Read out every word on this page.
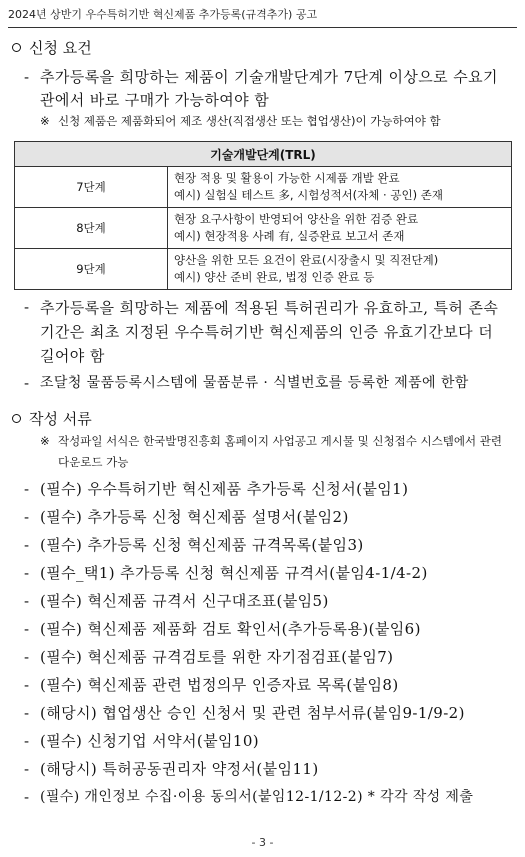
2024년 상반기 우수특허기반 혁신제품 추가등록(규격추가) 공고
신청 요건
- 추가등록을 희망하는 제품이 기술개발단계가 7단계 이상으로 수요기관에서 바로 구매가 가능하여야 함
※ 신청 제품은 제품화되어 제조 생산(직접생산 또는 협업생산)이 가능하여야 함
기술개발단계(TRL)	
7단계	현장 적용 및 활용이 가능한 시제품 개발 완료
예시) 실험실 테스트 多, 시험성적서(자체 · 공인) 존재

8단계	현장 요구사항이 반영되어 양산을 위한 검증 완료
예시) 현장적용 사례 有, 실증완료 보고서 존재

9단계	양산을 위한 모든 요건이 완료(시장출시 및 직전단계)
예시) 양산 준비 완료, 법정 인증 완료 등
- 추가등록을 희망하는 제품에 적용된 특허권리가 유효하고, 특허 존속기간은 최초 지정된 우수특허기반 혁신제품의 인증 유효기간보다 더 길어야 함
- 조달청 물품등록시스템에 물품분류 · 식별번호를 등록한 제품에 한함
작성 서류
※ 작성파일 서식은 한국발명진흥회 홈페이지 사업공고 게시물 및 신청접수 시스템에서 관련 다운로드 가능
- (필수) 우수특허기반 혁신제품 추가등록 신청서(붙임1)
- (필수) 추가등록 신청 혁신제품 설명서(붙임2)
- (필수) 추가등록 신청 혁신제품 규격목록(붙임3)
- (필수_택1) 추가등록 신청 혁신제품 규격서(붙임4-1/4-2)
- (필수) 혁신제품 규격서 신구대조표(붙임5)
- (필수) 혁신제품 제품화 검토 확인서(추가등록용)(붙임6)
- (필수) 혁신제품 규격검토를 위한 자기점검표(붙임7)
- (필수) 혁신제품 관련 법정의무 인증자료 목록(붙임8)
- (해당시) 협업생산 승인 신청서 및 관련 첨부서류(붙임9-1/9-2)
- (필수) 신청기업 서약서(붙임10)
- (해당시) 특허공동권리자 약정서(붙임11)
- (필수) 개인정보 수집·이용 동의서(붙임12-1/12-2) * 각각 작성 제출
- 3 -
